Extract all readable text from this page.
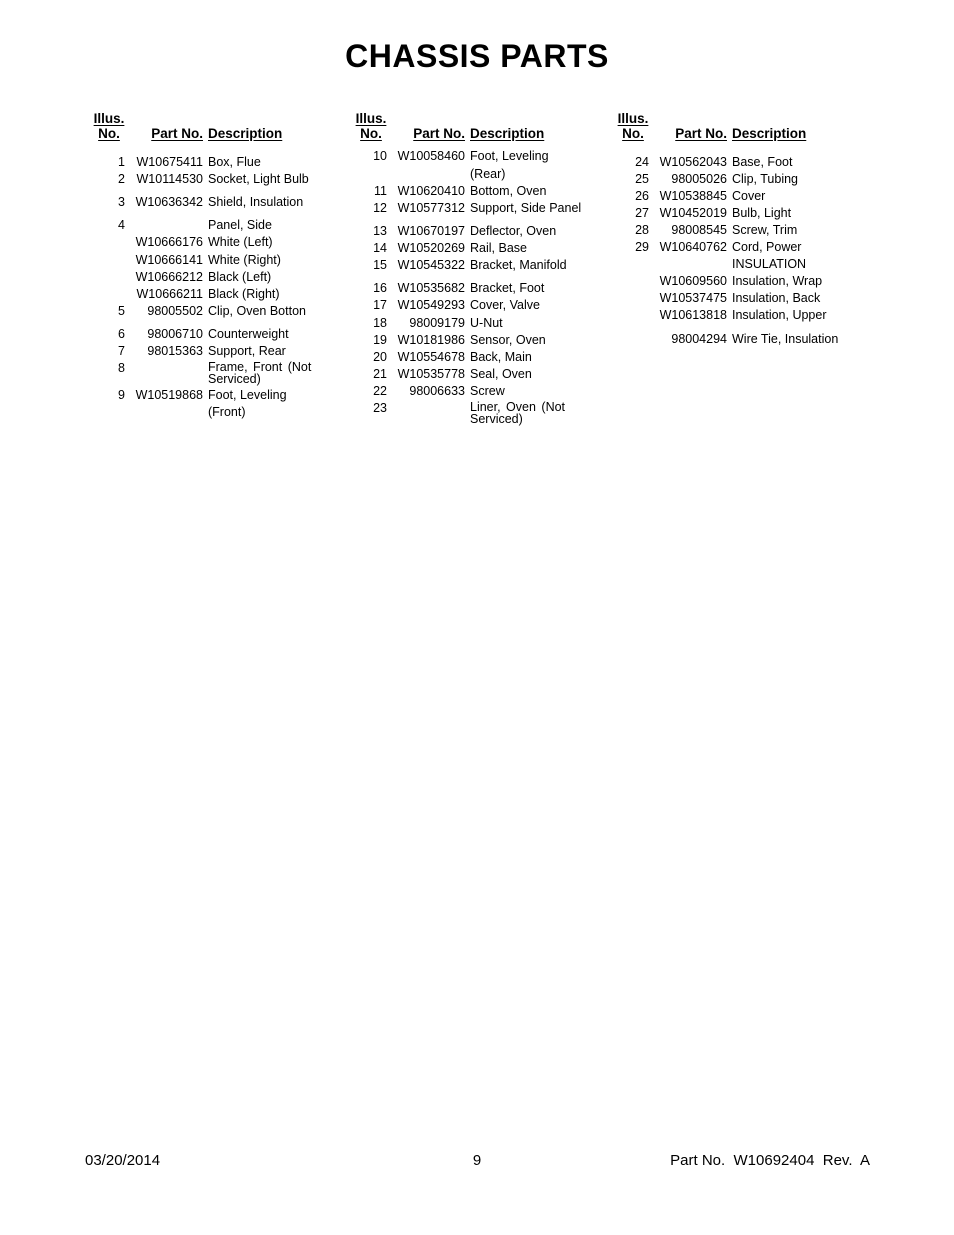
CHASSIS PARTS
Illus.
No.	Part No. Description
1 W10675411 Box, Flue
2 W10114530 Socket, Light Bulb
3 W10636342 Shield, Insulation
4	Panel, Side
W10666176 White (Left)
W10666141 White (Right)
W10666212 Black (Left)
W10666211 Black (Right)
5	98005502 Clip, Oven Botton
6	98006710 Counterweight
7	98015363 Support, Rear
8	Frame, Front (Not Serviced)
9 W10519868 Foot, Leveling
(Front)
Illus.
No.	Part No. Description
10 W10058460 Foot, Leveling
(Rear)
11 W10620410 Bottom, Oven
12 W10577312 Support, Side Panel
13 W10670197 Deflector, Oven
14 W10520269 Rail, Base
15 W10545322 Bracket, Manifold
16 W10535682 Bracket, Foot
17 W10549293 Cover, Valve
18	98009179 U-Nut
19 W10181986 Sensor, Oven
20 W10554678 Back, Main
21 W10535778 Seal, Oven
22	98006633 Screw
23	Liner, Oven (Not Serviced)
Illus.
No.	Part No. Description
24 W10562043 Base, Foot
25	98005026 Clip, Tubing
26 W10538845 Cover
27 W10452019 Bulb, Light
28	98008545 Screw, Trim
29 W10640762 Cord, Power
INSULATION
W10609560 Insulation, Wrap
W10537475 Insulation, Back
W10613818 Insulation, Upper
98004294 Wire Tie, Insulation
03/20/2014	9	Part No.  W10692404  Rev.  A
